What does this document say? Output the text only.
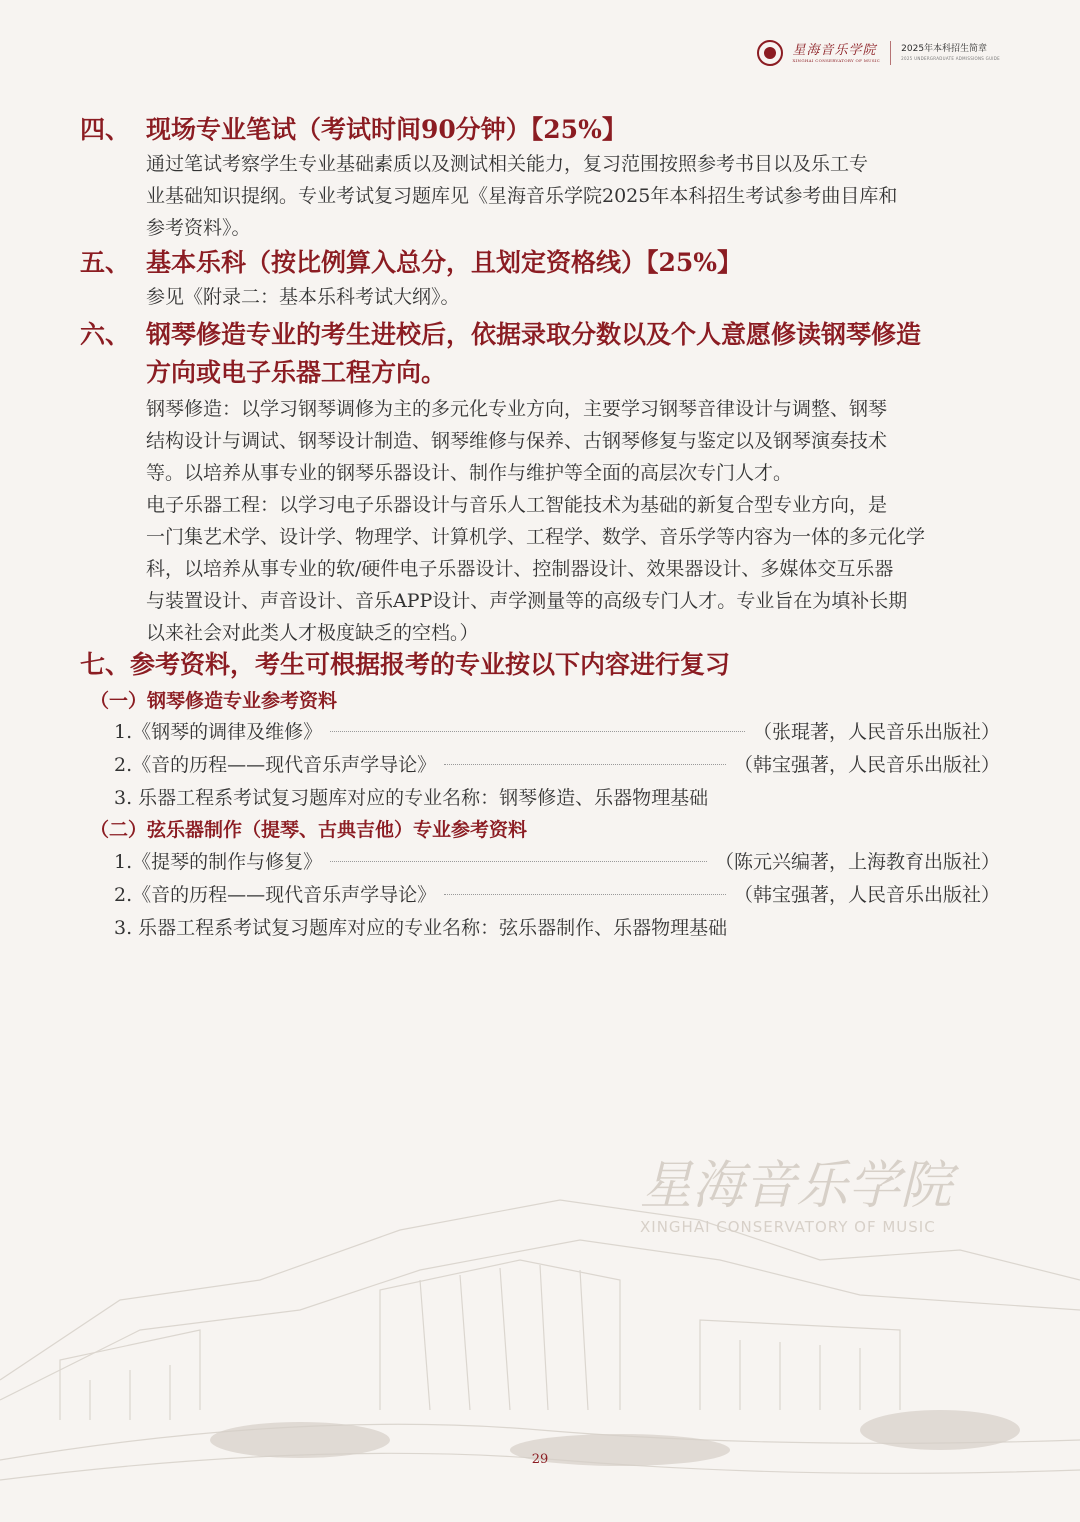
星海音乐学院
XINGHAI CONSERVATORY OF MUSIC
2025年本科招生简章
2025 UNDERGRADUATE ADMISSIONS GUIDE
四、 现场专业笔试（考试时间90分钟）【25%】
通过笔试考察学生专业基础素质以及测试相关能力，复习范围按照参考书目以及乐工专
业基础知识提纲。专业考试复习题库见《星海音乐学院2025年本科招生考试参考曲目库和
参考资料》。
五、 基本乐科（按比例算入总分，且划定资格线）【25%】
参见《附录二：基本乐科考试大纲》。
六、 钢琴修造专业的考生进校后，依据录取分数以及个人意愿修读钢琴修造
方向或电子乐器工程方向。
钢琴修造：以学习钢琴调修为主的多元化专业方向，主要学习钢琴音律设计与调整、钢琴
结构设计与调试、钢琴设计制造、钢琴维修与保养、古钢琴修复与鉴定以及钢琴演奏技术
等。以培养从事专业的钢琴乐器设计、制作与维护等全面的高层次专门人才。
电子乐器工程：以学习电子乐器设计与音乐人工智能技术为基础的新复合型专业方向，是
一门集艺术学、设计学、物理学、计算机学、工程学、数学、音乐学等内容为一体的多元化学
科，以培养从事专业的软/硬件电子乐器设计、控制器设计、效果器设计、多媒体交互乐器
与装置设计、声音设计、音乐APP设计、声学测量等的高级专门人才。专业旨在为填补长期
以来社会对此类人才极度缺乏的空档。）
七、参考资料，考生可根据报考的专业按以下内容进行复习
（一）钢琴修造专业参考资料
1.《钢琴的调律及维修》	（张琨著，人民音乐出版社）
2.《音的历程——现代音乐声学导论》	（韩宝强著，人民音乐出版社）
3. 乐器工程系考试复习题库对应的专业名称：钢琴修造、乐器物理基础
（二）弦乐器制作（提琴、古典吉他）专业参考资料
1.《提琴的制作与修复》	（陈元兴编著，上海教育出版社）
2.《音的历程——现代音乐声学导论》	（韩宝强著，人民音乐出版社）
3. 乐器工程系考试复习题库对应的专业名称：弦乐器制作、乐器物理基础
星海音乐学院
XINGHAI CONSERVATORY OF MUSIC
29
